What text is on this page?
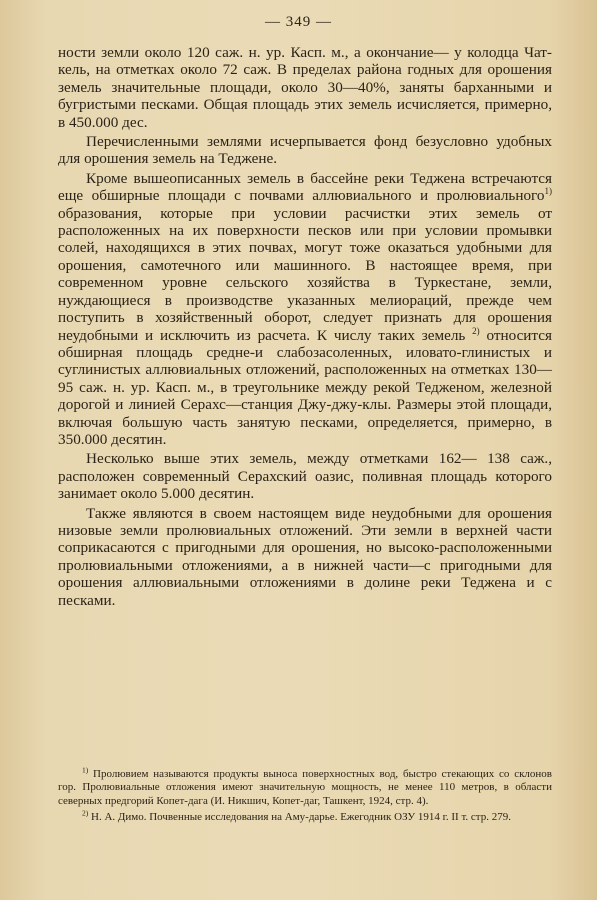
— 349 —

ности земли около 120 саж. н. ур. Касп. м., а окончание— у колодца Чат-кель, на отметках около 72 саж. В пределах района годных для орошения земель значительные площади, около 30—40%, заняты барханными и бугристыми песками. Общая площадь этих земель исчисляется, примерно, в 450.000 дес.

Перечисленными землями исчерпывается фонд безусловно удобных для орошения земель на Теджене.

Кроме вышеописанных земель в бассейне реки Теджена встречаются еще обширные площади с почвами аллювиального и пролювиального$^{1)}$ образования, которые при условии расчистки этих земель от расположенных на их поверхности песков или при условии промывки солей, находящихся в этих почвах, могут тоже оказаться удобными для орошения, самотечного или машинного. В настоящее время, при современном уровне сельского хозяйства в Туркестане, земли, нуждающиеся в производстве указанных мелиораций, прежде чем поступить в хозяйственный оборот, следует признать для орошения неудобными и исключить из расчета. К числу таких земель $^{2)}$ относится обширная площадь средне-и слабозасоленных, иловато-глинистых и суглинистых аллювиальных отложений, расположенных на отметках 130—95 саж. н. ур. Касп. м., в треугольнике между рекой Тедженом, железной дорогой и линией Серахс—станция Джу-джу-клы. Размеры этой площади, включая большую часть занятую песками, определяется, примерно, в 350.000 десятин.

Несколько выше этих земель, между отметками 162— 138 саж., расположен современный Серахский оазис, поливная площадь которого занимает около 5.000 десятин.

Также являются в своем настоящем виде неудобными для орошения низовые земли пролювиальных отложений. Эти земли в верхней части соприкасаются с пригодными для орошения, но высоко-расположенными пролювиальными отложениями, а в нижней части—с пригодными для орошения аллювиальными отложениями в долине реки Теджена и с песками.

$^{1)}$ Пролювием называются продукты выноса поверхностных вод, быстро стекающих со склонов гор. Пролювиальные отложения имеют значительную мощность, не менее 110 метров, в области северных предгорий Копет-дага (И. Никшич, Копет-даг, Ташкент, 1924, стр. 4).

$^{2)}$ Н. А. Димо. Почвенные исследования на Аму-дарье. Ежегодник ОЗУ 1914 г. II т. стр. 279.
